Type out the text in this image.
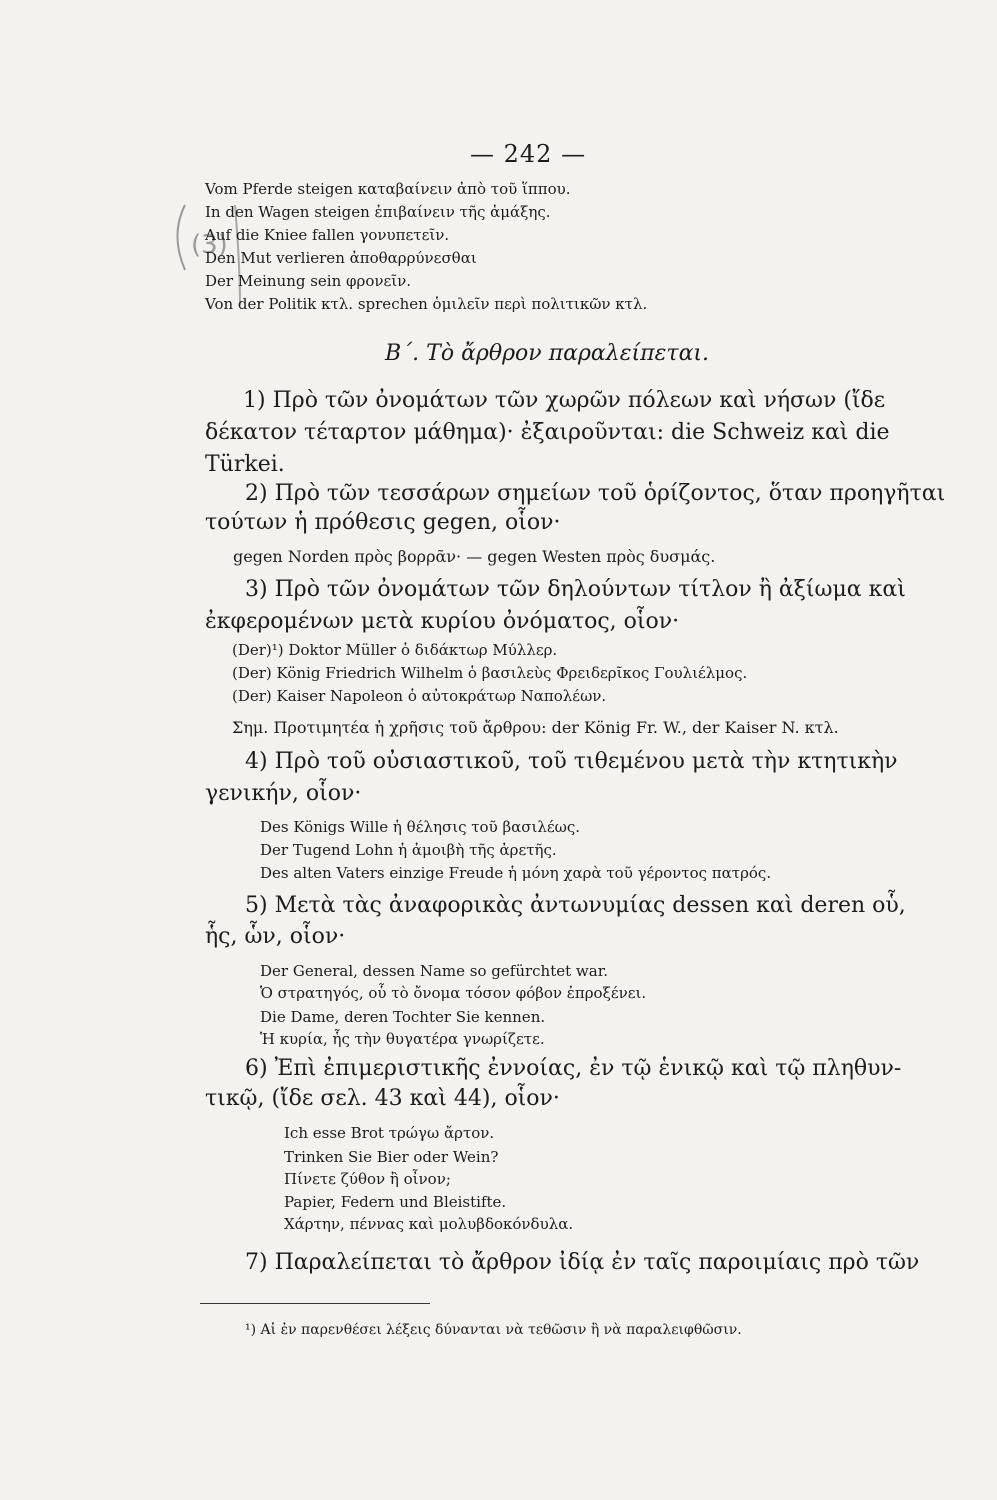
— 242 —
(3)
Vom Pferde steigen καταβαίνειν ἀπὸ τοῦ ἵππου.
In den Wagen steigen ἐπιβαίνειν τῆς ἁμάξης.
Auf die Kniee fallen γονυπετεῖν.
Den Mut verlieren ἀποθαρρύνεσθαι
Der Meinung sein φρονεῖν.
Von der Politik κτλ. sprechen ὁμιλεῖν περὶ πολιτικῶν κτλ.
Β΄. Τὸ ἄρθρον παραλείπεται.
1) Πρὸ τῶν ὀνομάτων τῶν χωρῶν πόλεων καὶ νήσων (ἴδε
δέκατον τέταρτον μάθημα)· ἐξαιροῦνται: die Schweiz καὶ die
Türkei.
2) Πρὸ τῶν τεσσάρων σημείων τοῦ ὁρίζοντος, ὅταν προηγῆται
τούτων ἡ πρόθεσις gegen, οἷον·
gegen Norden πρὸς βορρᾶν· — gegen Westen πρὸς δυσμάς.
3) Πρὸ τῶν ὀνομάτων τῶν δηλούντων τίτλον ἢ ἀξίωμα καὶ
ἐκφερομένων μετὰ κυρίου ὀνόματος, οἷον·
(Der)¹) Doktor Müller ὁ διδάκτωρ Μύλλερ.
(Der) König Friedrich Wilhelm ὁ βασιλεὺς Φρειδερῖκος Γουλιέλμος.
(Der) Kaiser Napoleon ὁ αὐτοκράτωρ Ναπολέων.
Σημ. Προτιμητέα ἡ χρῆσις τοῦ ἄρθρου: der König Fr. W., der Kaiser N. κτλ.
4) Πρὸ τοῦ οὐσιαστικοῦ, τοῦ τιθεμένου μετὰ τὴν κτητικὴν
γενικήν, οἷον·
Des Königs Wille ἡ θέλησις τοῦ βασιλέως.
Der Tugend Lohn ἡ ἀμοιβὴ τῆς ἀρετῆς.
Des alten Vaters einzige Freude ἡ μόνη χαρὰ τοῦ γέροντος πατρός.
5) Μετὰ τὰς ἀναφορικὰς ἀντωνυμίας dessen καὶ deren οὗ,
ἧς, ὧν, οἷον·
Der General, dessen Name so gefürchtet war.
Ὁ στρατηγός, οὗ τὸ ὄνομα τόσον φόβον ἐπροξένει.
Die Dame, deren Tochter Sie kennen.
Ἡ κυρία, ἧς τὴν θυγατέρα γνωρίζετε.
6) Ἐπὶ ἐπιμεριστικῆς ἐννοίας, ἐν τῷ ἑνικῷ καὶ τῷ πληθυν-
τικῷ, (ἴδε σελ. 43 καὶ 44), οἷον·
Ich esse Brot τρώγω ἄρτον.
Trinken Sie Bier oder Wein?
Πίνετε ζύθον ἢ οἶνον;
Papier, Federn und Bleistifte.
Χάρτην, πέννας καὶ μολυβδοκόνδυλα.
7) Παραλείπεται τὸ ἄρθρον ἰδίᾳ ἐν ταῖς παροιμίαις πρὸ τῶν
¹) Αἱ ἐν παρενθέσει λέξεις δύνανται νὰ τεθῶσιν ἢ νὰ παραλειφθῶσιν.
